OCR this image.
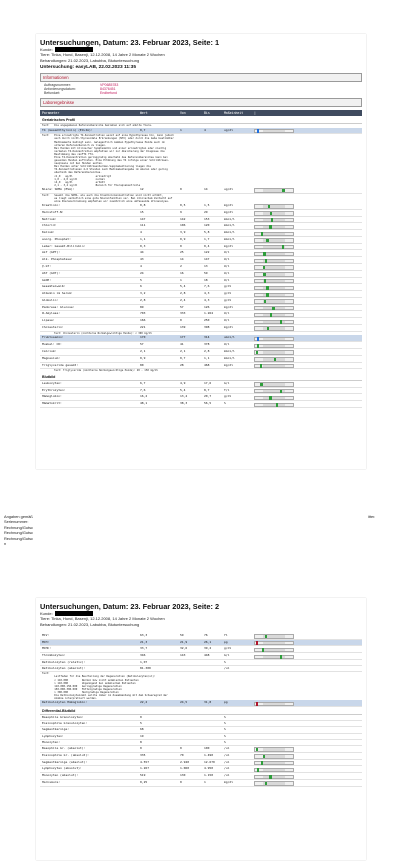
Untersuchungen, Datum: 23. Februar 2023, Seite: 1
Kunde:
Tiere: Tinka, Hund, Basenji, 12.12.2008, 14 Jahre 2 Monate 2 Wochen
Behandlungen: 21.02.2023, Labubba, Blutuntersuchung
Untersuchung: easyLAB, 22.02.2023 11:35
Informationen
Auftragsnummer:	VP0685783
Anforderungsdatum:	84376451
Befundart:	Endbefund
Laborergebnisse
Parameter	Wert	Von	Bis	Maßeinheit	|
Geriatrisches Profil
Text:   Die angegebenen Referenzbereiche beziehen sich auf adulte Tiere.
T4 (Gesamtthyroxin) (ECLIA):	0,7	1	4	ug/dl
Text:   Eine erniedrigte T4-Konzentration weist auf eine Hypothyreose hin, kann jedoch
auch durch nicht-thyreoidale Erkrankungen (NTI) oder durch die Gabe bestimmter
Medikamente bedingt sein. Gelegentlich kommen Hypothyreose Hunde auch im
unteren Referenzbereich zu liegen.
Bei Hunden mit klinischer Symptomatik und einer erniedrigten oder niedrig
normalen T4-Konzentration empfehlen wir zur Absicherung der Diagnose die
Bestimmung des canFT4 fT4.
Eine T4-Konzentration geringgradig oberhalb des Referenzbereiches kann bei
gesunden Hunden auftreten. Eine Erhöhung des T4 infolge einer Schilddrüsen-
neoplasie ist bei Hunden selten.
Bei Hunden unter Schilddrüsenhormon-Supplementierung liegen die
T4-Konzentrationen 4-6 Stunden nach Medikamentengabe im oberen oder gering
oberhalb des Referenzbereiches.
<1,0   ug/dl               erniedrigt
1,0 - 4,0 ug/dl            normal
>4,0   ug/dl               erhöht
2,1 - 3,4 ug/dl            Bereich für Therapiekontrolle
Niere: SDMA (ESA):	12	0	14	ug/dl
Text:   Sowohl die SDMA- als auch die Kreatininkonzentration sind nicht erhöht,
es liegt vermutlich eine gute Nierenfunktion vor. Bei klinischem Verdacht auf
eine Nierenerkrankung empfehlen wir zusätzlich eine umfassende Urinanalyse.
Kreatinin:	0,8	0,5	1,5	mg/dl
Harnstoff-N:	15	9	29	mg/dl
Natrium:	147	142	153	mmol/l
Chlorid:	111	106	120	mmol/l
Kalium:	4	3,9	5,8	mmol/l
anorg. Phosphat:	1,1	0,9	1,7	mmol/l
Leber: Gesamt-Bilirubin:	0,3	0	0,4	mg/dl
ALT (GPT):	44	25	122	U/l
Alk. Phosphatase:	43	14	147	U/l
γ-GT:	4	2	13	U/l
AST (GOT):	24	16	59	U/l
GLDH:	5	1	18	U/l
Gesamteiweiß:	6	5,4	7,6	g/dl
Albumin im Serum:	3,2	2,8	4,3	g/dl
Globulin:	2,8	2,4	4,3	g/dl
Pankreas: Glucose:	89	57	126	mg/dl
α-Amylase:	703	333	1.264	U/l
Lipase:	166	0	250	U/l
Cholesterin:	221	139	398	mg/dl
Text: Cholesterin (nüchterne Normalgewichtige Hunde): < 300 mg/dl
Fruktosamin:	170	177	314	umol/l
Muskel: CK:	57	41	378	U/l
Calcium:	2,1	2,1	2,8	mmol/l
Magnesium:	0,9	0,7	1,1	mmol/l
Triglyceride gesamt:	80	28	468	mg/dl
Text: Triglyceride (nüchterne Normalgewichtige Hunde): 28 - 150 mg/dl
Blutbild
Leukozyten:	6,7	4,9	17,6	G/l
Erythrozyten:	7,6	5,4	8,7	T/l
Hämoglobin:	16,2	13,4	20,7	g/dl
Hämatokrit:	48,1	38,3	56,5	%
Angaben gemäß
Serienummer:
Rechnung/Gutsc
Rechnung/Gutsc
Rechnung/Gutsc
n
itter.
Untersuchungen, Datum: 23. Februar 2023, Seite: 2
Kunde:
Tiere: Tinka, Hund, Basenji, 12.12.2008, 14 Jahre 2 Monate 2 Wochen
Behandlungen: 21.02.2023, Labubba, Blutuntersuchung
MCV:	63,3	59	76	fl
MCH:	21,3	21,9	26,1	pg
MCHC:	33,7	32,6	39,2	g/dl
Thrombozyten:	346	143	448	G/l
Retikulozyten (relativ):	1,07	%
Retikulozyten (absolut):	81.300	/ul
Text:
Leitfaden für die Beurteilung der Regeneration (Retikulozyten/ul):
< 110.000         Normal bzw nicht anämischen Patienten
> 110.000         Ungenügend bei anämischem Patienten
110.000-150.000   Geringgradige Regeneration
150.000-300.000   Mittelgradige Regeneration
> 300.000         Hochgradige Regeneration
Die Retikulozytenzahl sollte immer im Zusammenhang mit dem Schweregrad der
Anämie interpretiert werden.
Retikulozyten Hämoglobin:	22,2	24,5	31,8	pg
Differential-Blutbild
Basophile Granulozyten:	0	%
Eosinophile Granulozyten:	5	%
Segmentkernige:	68	%
Lymphozyten:	19	%
Monozyten:	8	%
Basophile Gr. (absolut):	0	0	100	/ul
Eosinophile Gr. (absolut):	335	70	1.490	/ul
Segmentkernige (absolut):	4.557	2.940	12.670	/ul
Lymphozyten (absolut):	1.267	1.060	4.950	/ul
Monozyten (absolut):	519	130	1.150	/ul
Harnsäure:	0,25	0	1	mg/dl
